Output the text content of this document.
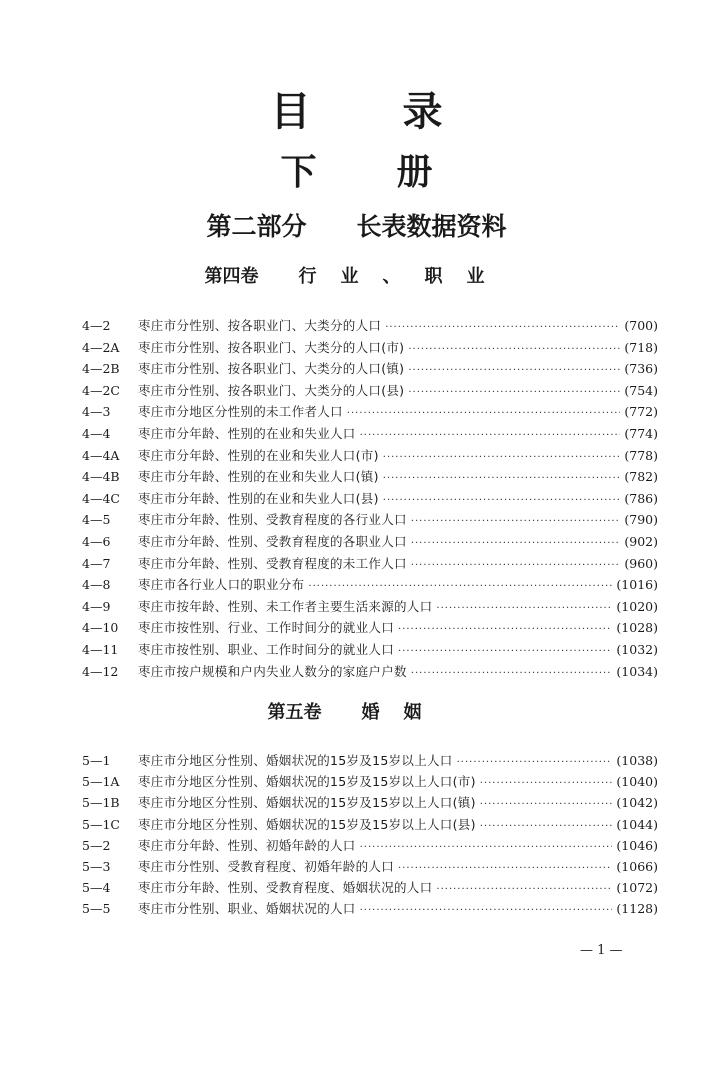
目录
下册
第二部分 长表数据资料
第四卷 行业、职业
4—2	枣庄市分性别、按各职业门、大类分的人口 ·····	(700)
4—2A	枣庄市分性别、按各职业门、大类分的人口(市) ·····	(718)
4—2B	枣庄市分性别、按各职业门、大类分的人口(镇) ·····	(736)
4—2C	枣庄市分性别、按各职业门、大类分的人口(县) ·····	(754)
4—3	枣庄市分地区分性别的未工作者人口 ·····	(772)
4—4	枣庄市分年龄、性别的在业和失业人口 ·····	(774)
4—4A	枣庄市分年龄、性别的在业和失业人口(市) ·····	(778)
4—4B	枣庄市分年龄、性别的在业和失业人口(镇) ·····	(782)
4—4C	枣庄市分年龄、性别的在业和失业人口(县) ·····	(786)
4—5	枣庄市分年龄、性别、受教育程度的各行业人口 ·····	(790)
4—6	枣庄市分年龄、性别、受教育程度的各职业人口 ·····	(902)
4—7	枣庄市分年龄、性别、受教育程度的未工作人口 ·····	(960)
4—8	枣庄市各行业人口的职业分布 ·····	(1016)
4—9	枣庄市按年龄、性别、未工作者主要生活来源的人口 ·····	(1020)
4—10	枣庄市按性别、行业、工作时间分的就业人口 ·····	(1028)
4—11	枣庄市按性别、职业、工作时间分的就业人口 ·····	(1032)
4—12	枣庄市按户规模和户内失业人数分的家庭户户数 ·····	(1034)
第五卷 婚姻
5—1	枣庄市分地区分性别、婚姻状况的15岁及15岁以上人口 ·····	(1038)
5—1A	枣庄市分地区分性别、婚姻状况的15岁及15岁以上人口(市) ·····	(1040)
5—1B	枣庄市分地区分性别、婚姻状况的15岁及15岁以上人口(镇) ·····	(1042)
5—1C	枣庄市分地区分性别、婚姻状况的15岁及15岁以上人口(县) ·····	(1044)
5—2	枣庄市分年龄、性别、初婚年龄的人口 ·····	(1046)
5—3	枣庄市分性别、受教育程度、初婚年龄的人口 ·····	(1066)
5—4	枣庄市分年龄、性别、受教育程度、婚姻状况的人口 ·····	(1072)
5—5	枣庄市分性别、职业、婚姻状况的人口 ·····	(1128)
— 1 —
